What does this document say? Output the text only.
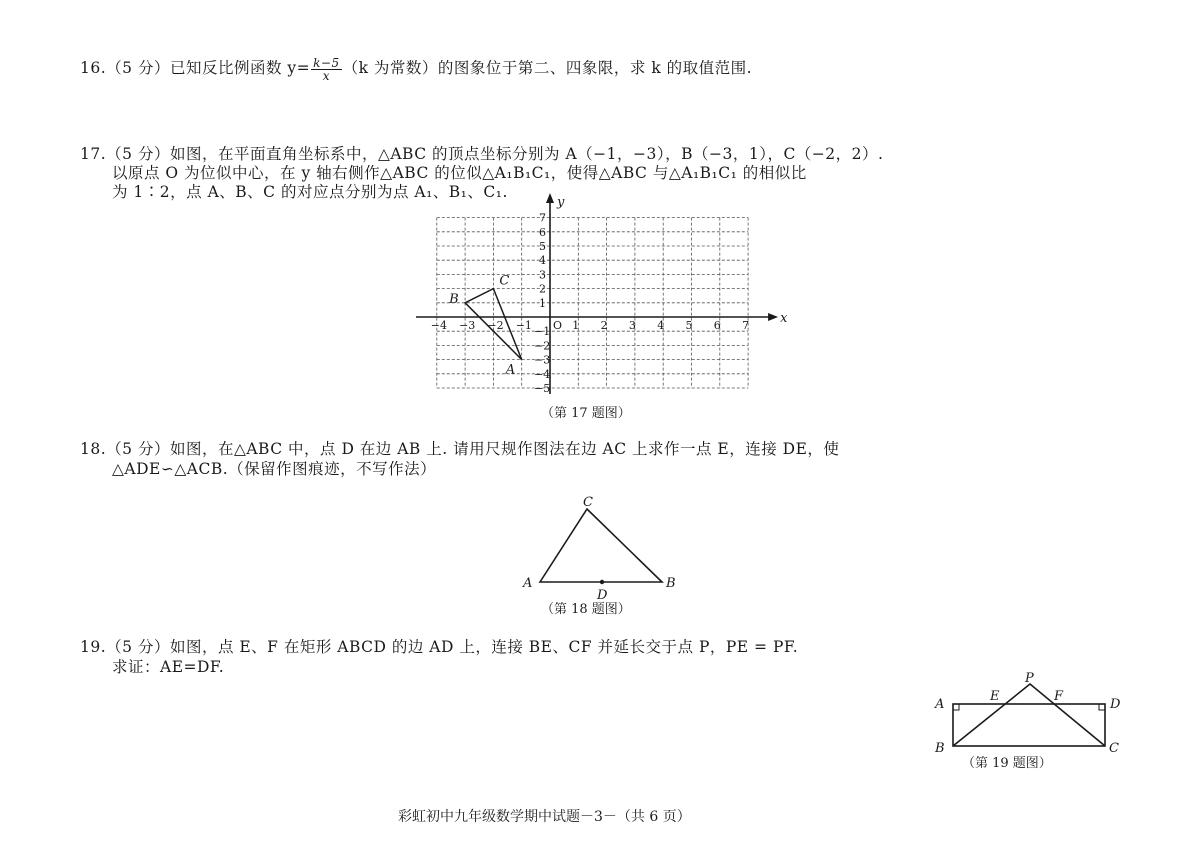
16.（5 分）已知反比例函数 $y= \frac{k-5}{x} (k$ 为常数）的图象位于第二、四象限，求 k 的取值范围.
17.（5 分）如图，在平面直角坐标系中，△ABC 的顶点坐标分别为 A（−1，−3），B（−3，1），C（−2，2）.
以原点 O 为位似中心，在 y 轴右侧作△ABC 的位似△A₁B₁C₁，使得△ABC 与△A₁B₁C₁ 的相似比
为 1∶2，点 A、B、C 的对应点分别为点 A₁、B₁、C₁.
−4 −3 −2 −1	1 2 3 4 5 6 7
7
6
5
4
3
2
1
−1
−2
−3
−4
−5
O	x
y
A
B
C
（第 17 题图）
18.（5 分）如图，在△ABC 中，点 D 在边 AB 上. 请用尺规作图法在边 AC 上求作一点 E，连接 DE，使
△ADE∽△ACB.（保留作图痕迹，不写作法）
A	B
C
D
（第 18 题图）
19.（5 分）如图，点 E、F 在矩形 ABCD 的边 AD 上，连接 BE、CF 并延长交于点 P，PE = PF.
求证：AE=DF.
A
B	C
D
E	F
P
（第 19 题图）
彩虹初中九年级数学期中试题－3－（共 6 页）
